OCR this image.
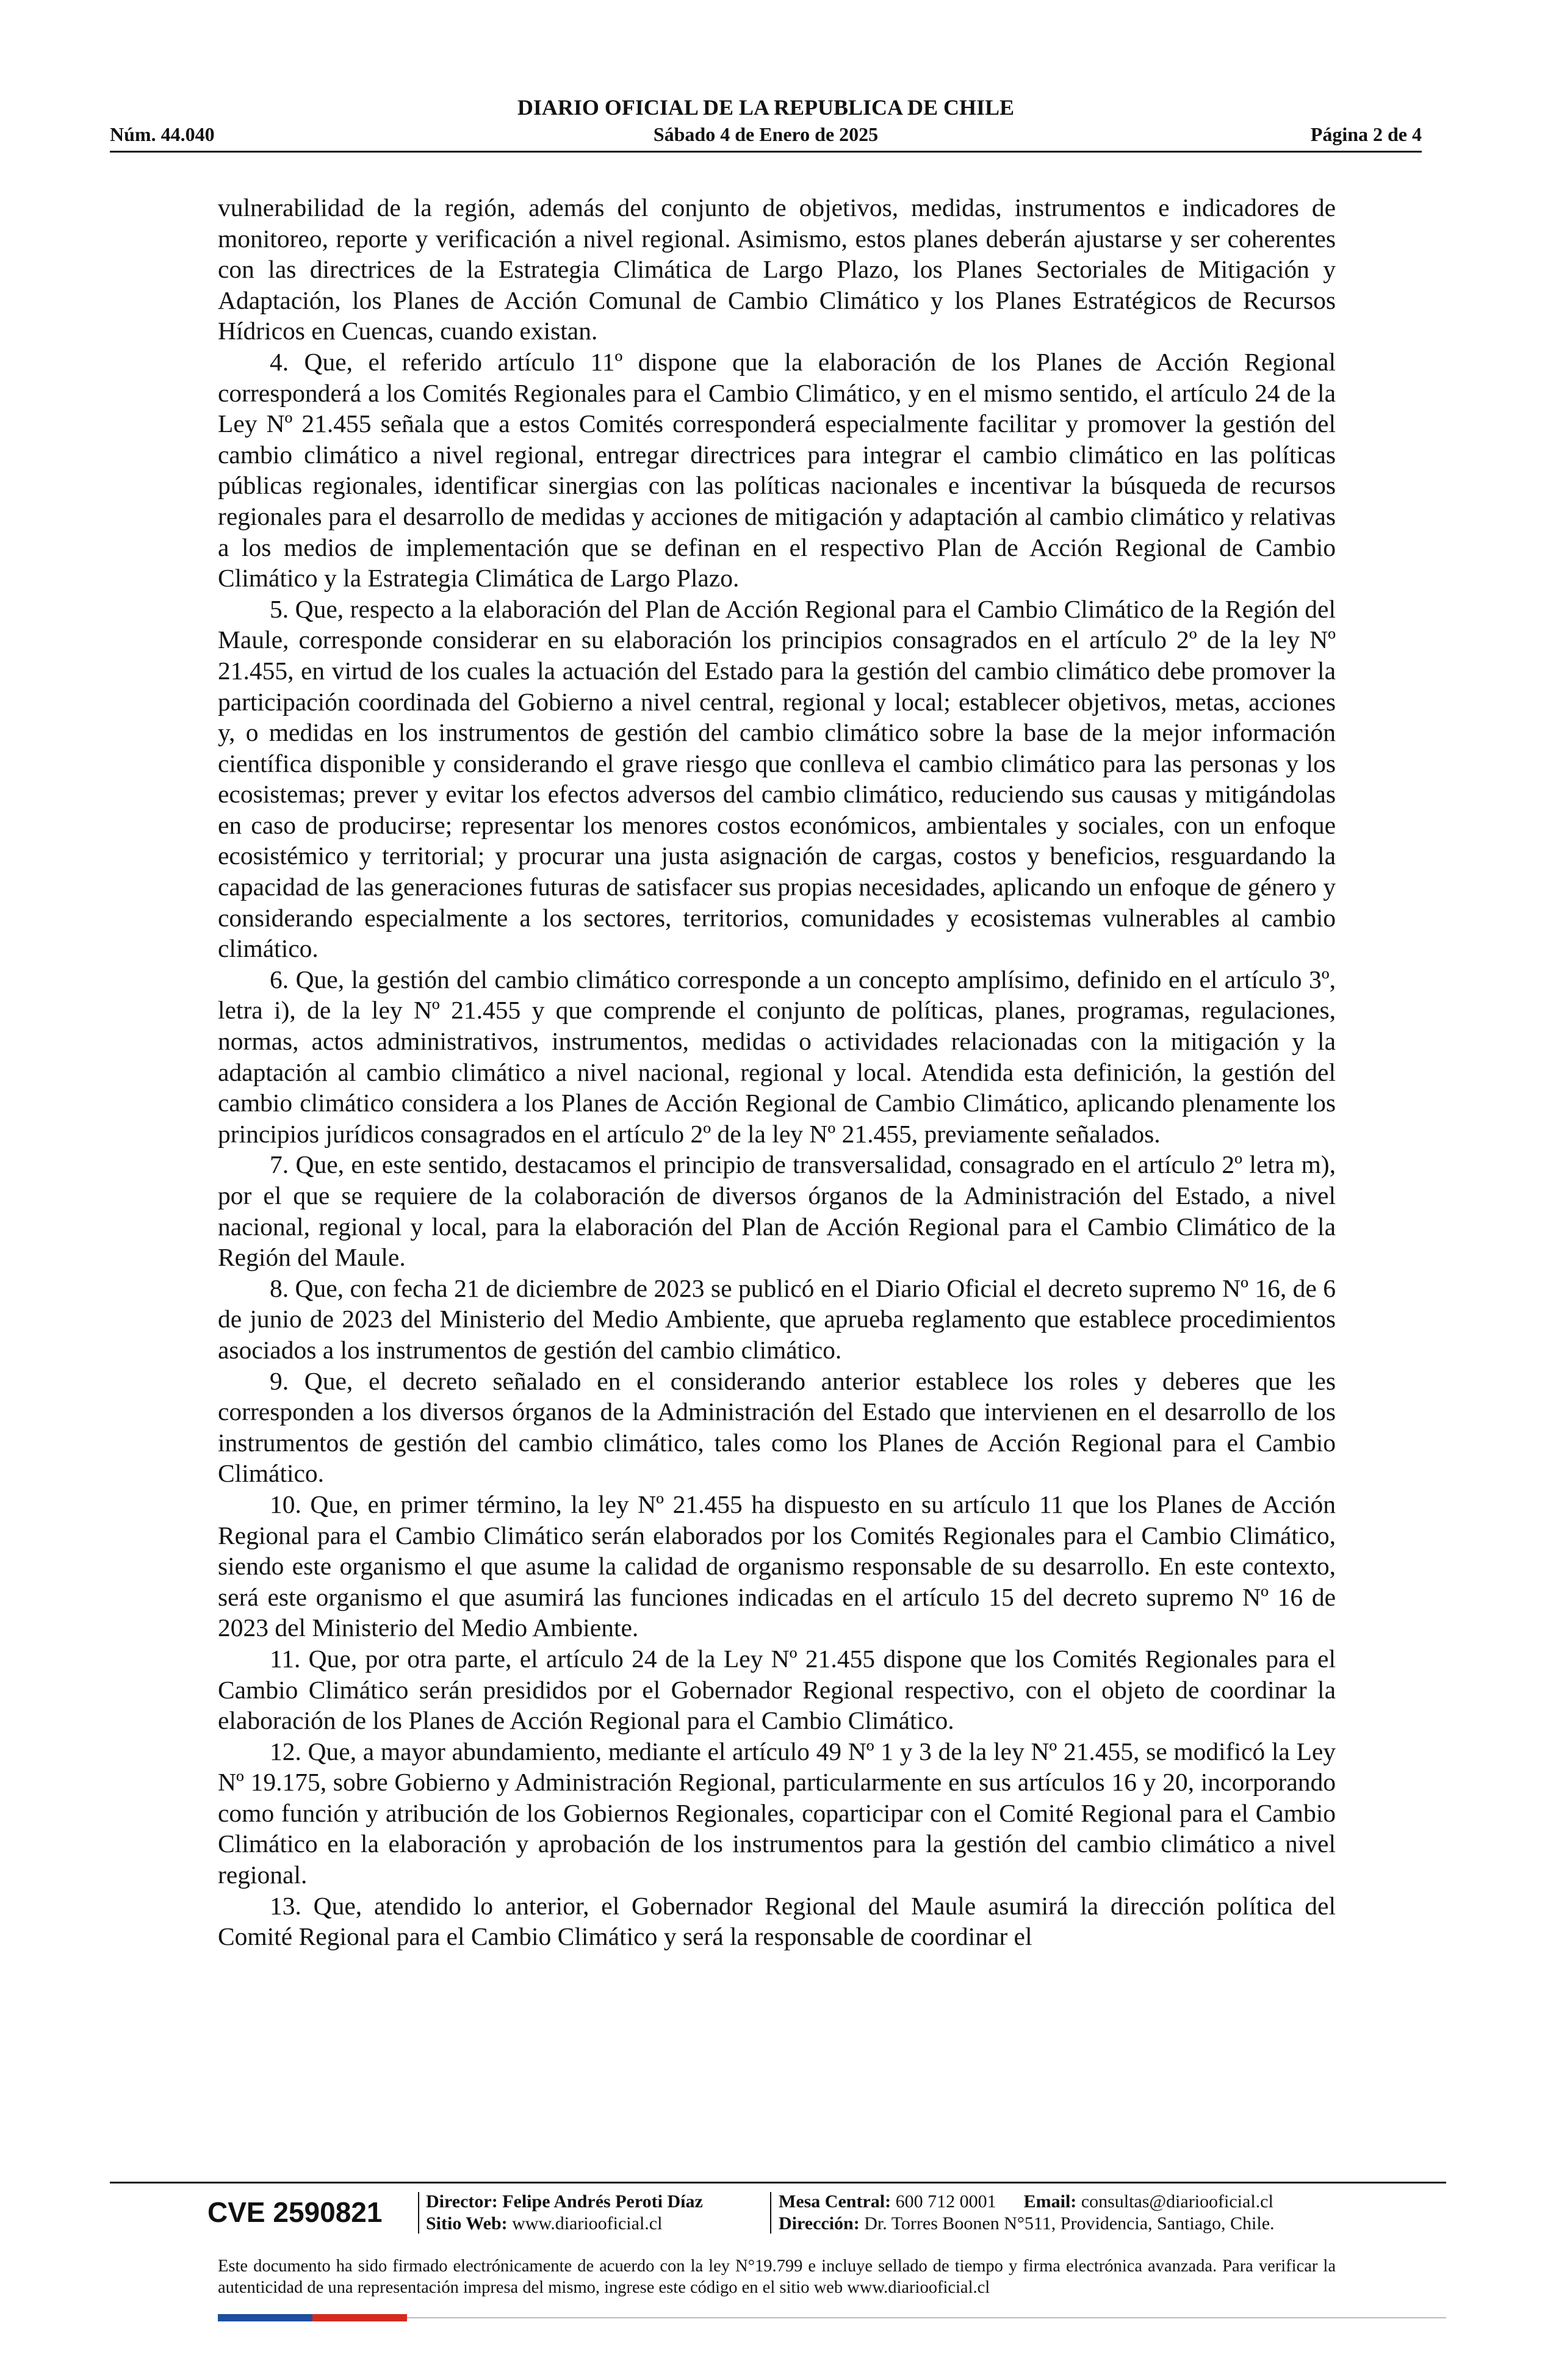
DIARIO OFICIAL DE LA REPUBLICA DE CHILE
Núm. 44.040	Sábado 4 de Enero de 2025	Página 2 de 4

vulnerabilidad de la región, además del conjunto de objetivos, medidas, instrumentos e indicadores de monitoreo, reporte y verificación a nivel regional. Asimismo, estos planes deberán ajustarse y ser coherentes con las directrices de la Estrategia Climática de Largo Plazo, los Planes Sectoriales de Mitigación y Adaptación, los Planes de Acción Comunal de Cambio Climático y los Planes Estratégicos de Recursos Hídricos en Cuencas, cuando existan.

4. Que, el referido artículo 11º dispone que la elaboración de los Planes de Acción Regional corresponderá a los Comités Regionales para el Cambio Climático, y en el mismo sentido, el artículo 24 de la Ley Nº 21.455 señala que a estos Comités corresponderá especialmente facilitar y promover la gestión del cambio climático a nivel regional, entregar directrices para integrar el cambio climático en las políticas públicas regionales, identificar sinergias con las políticas nacionales e incentivar la búsqueda de recursos regionales para el desarrollo de medidas y acciones de mitigación y adaptación al cambio climático y relativas a los medios de implementación que se definan en el respectivo Plan de Acción Regional de Cambio Climático y la Estrategia Climática de Largo Plazo.

5. Que, respecto a la elaboración del Plan de Acción Regional para el Cambio Climático de la Región del Maule, corresponde considerar en su elaboración los principios consagrados en el artículo 2º de la ley Nº 21.455, en virtud de los cuales la actuación del Estado para la gestión del cambio climático debe promover la participación coordinada del Gobierno a nivel central, regional y local; establecer objetivos, metas, acciones y, o medidas en los instrumentos de gestión del cambio climático sobre la base de la mejor información científica disponible y considerando el grave riesgo que conlleva el cambio climático para las personas y los ecosistemas; prever y evitar los efectos adversos del cambio climático, reduciendo sus causas y mitigándolas en caso de producirse; representar los menores costos económicos, ambientales y sociales, con un enfoque ecosistémico y territorial; y procurar una justa asignación de cargas, costos y beneficios, resguardando la capacidad de las generaciones futuras de satisfacer sus propias necesidades, aplicando un enfoque de género y considerando especialmente a los sectores, territorios, comunidades y ecosistemas vulnerables al cambio climático.

6. Que, la gestión del cambio climático corresponde a un concepto amplísimo, definido en el artículo 3º, letra i), de la ley Nº 21.455 y que comprende el conjunto de políticas, planes, programas, regulaciones, normas, actos administrativos, instrumentos, medidas o actividades relacionadas con la mitigación y la adaptación al cambio climático a nivel nacional, regional y local. Atendida esta definición, la gestión del cambio climático considera a los Planes de Acción Regional de Cambio Climático, aplicando plenamente los principios jurídicos consagrados en el artículo 2º de la ley Nº 21.455, previamente señalados.

7. Que, en este sentido, destacamos el principio de transversalidad, consagrado en el artículo 2º letra m), por el que se requiere de la colaboración de diversos órganos de la Administración del Estado, a nivel nacional, regional y local, para la elaboración del Plan de Acción Regional para el Cambio Climático de la Región del Maule.

8. Que, con fecha 21 de diciembre de 2023 se publicó en el Diario Oficial el decreto supremo Nº 16, de 6 de junio de 2023 del Ministerio del Medio Ambiente, que aprueba reglamento que establece procedimientos asociados a los instrumentos de gestión del cambio climático.

9. Que, el decreto señalado en el considerando anterior establece los roles y deberes que les corresponden a los diversos órganos de la Administración del Estado que intervienen en el desarrollo de los instrumentos de gestión del cambio climático, tales como los Planes de Acción Regional para el Cambio Climático.

10. Que, en primer término, la ley Nº 21.455 ha dispuesto en su artículo 11 que los Planes de Acción Regional para el Cambio Climático serán elaborados por los Comités Regionales para el Cambio Climático, siendo este organismo el que asume la calidad de organismo responsable de su desarrollo. En este contexto, será este organismo el que asumirá las funciones indicadas en el artículo 15 del decreto supremo Nº 16 de 2023 del Ministerio del Medio Ambiente.

11. Que, por otra parte, el artículo 24 de la Ley Nº 21.455 dispone que los Comités Regionales para el Cambio Climático serán presididos por el Gobernador Regional respectivo, con el objeto de coordinar la elaboración de los Planes de Acción Regional para el Cambio Climático.

12. Que, a mayor abundamiento, mediante el artículo 49 Nº 1 y 3 de la ley Nº 21.455, se modificó la Ley Nº 19.175, sobre Gobierno y Administración Regional, particularmente en sus artículos 16 y 20, incorporando como función y atribución de los Gobiernos Regionales, coparticipar con el Comité Regional para el Cambio Climático en la elaboración y aprobación de los instrumentos para la gestión del cambio climático a nivel regional.

13. Que, atendido lo anterior, el Gobernador Regional del Maule asumirá la dirección política del Comité Regional para el Cambio Climático y será la responsable de coordinar el

CVE 2590821	Director: Felipe Andrés Peroti Díaz
Sitio Web: www.diariooficial.cl
Mesa Central: 600 712 0001 Email: consultas@diariooficial.cl
Dirección: Dr. Torres Boonen N°511, Providencia, Santiago, Chile.

Este documento ha sido firmado electrónicamente de acuerdo con la ley N°19.799 e incluye sellado de tiempo y firma electrónica avanzada. Para verificar la autenticidad de una representación impresa del mismo, ingrese este código en el sitio web www.diariooficial.cl
